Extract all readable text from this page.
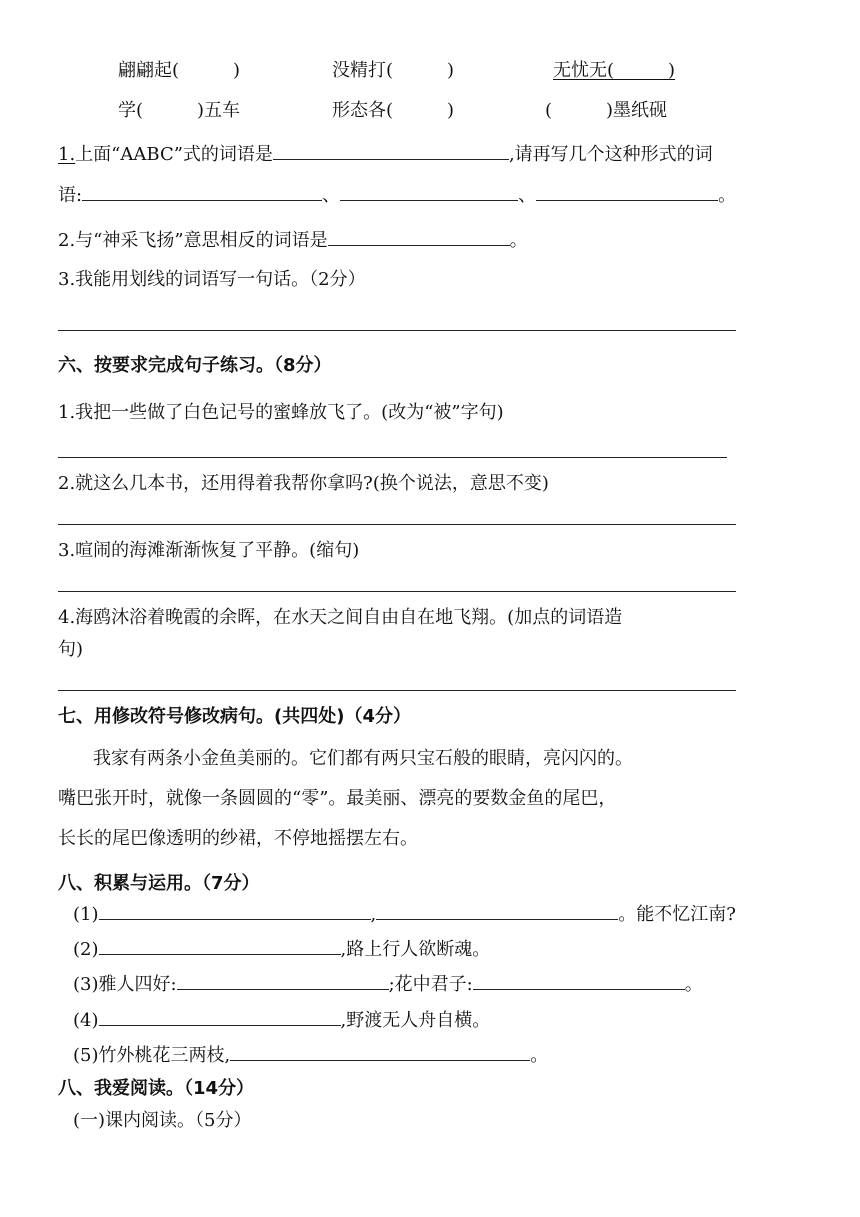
翩翩起(　　　)	没精打(　　　)	无忧无(　　　)
学(　　　)五车	形态各(　　　)	(　　　)墨纸砚
1.上面“AABC”式的词语是	,请再写几个这种形式的词
语:	、	、	。
2.与“神采飞扬”意思相反的词语是	。
3.我能用划线的词语写一句话。（2分）
六、按要求完成句子练习。（8分）
1.我把一些做了白色记号的蜜蜂放飞了。(改为“被”字句)
2.就这么几本书，还用得着我帮你拿吗?(换个说法，意思不变)
3.喧闹的海滩渐渐恢复了平静。(缩句)
4.海鸥沐浴着晚霞的余晖，在水天之间自由自在地飞翔。(加点的词语造
句)
七、用修改符号修改病句。(共四处)（4分）
我家有两条小金鱼美丽的。它们都有两只宝石般的眼睛，亮闪闪的。
嘴巴张开时，就像一条圆圆的“零”。最美丽、漂亮的要数金鱼的尾巴，
长长的尾巴像透明的纱裙，不停地摇摆左右。
八、积累与运用。（7分）
(1)	,	。能不忆江南?
(2)	,路上行人欲断魂。
(3)雅人四好:	;花中君子:	。
(4)	,野渡无人舟自横。
(5)竹外桃花三两枝,	。
八、我爱阅读。（14分）
(一)课内阅读。（5分）
